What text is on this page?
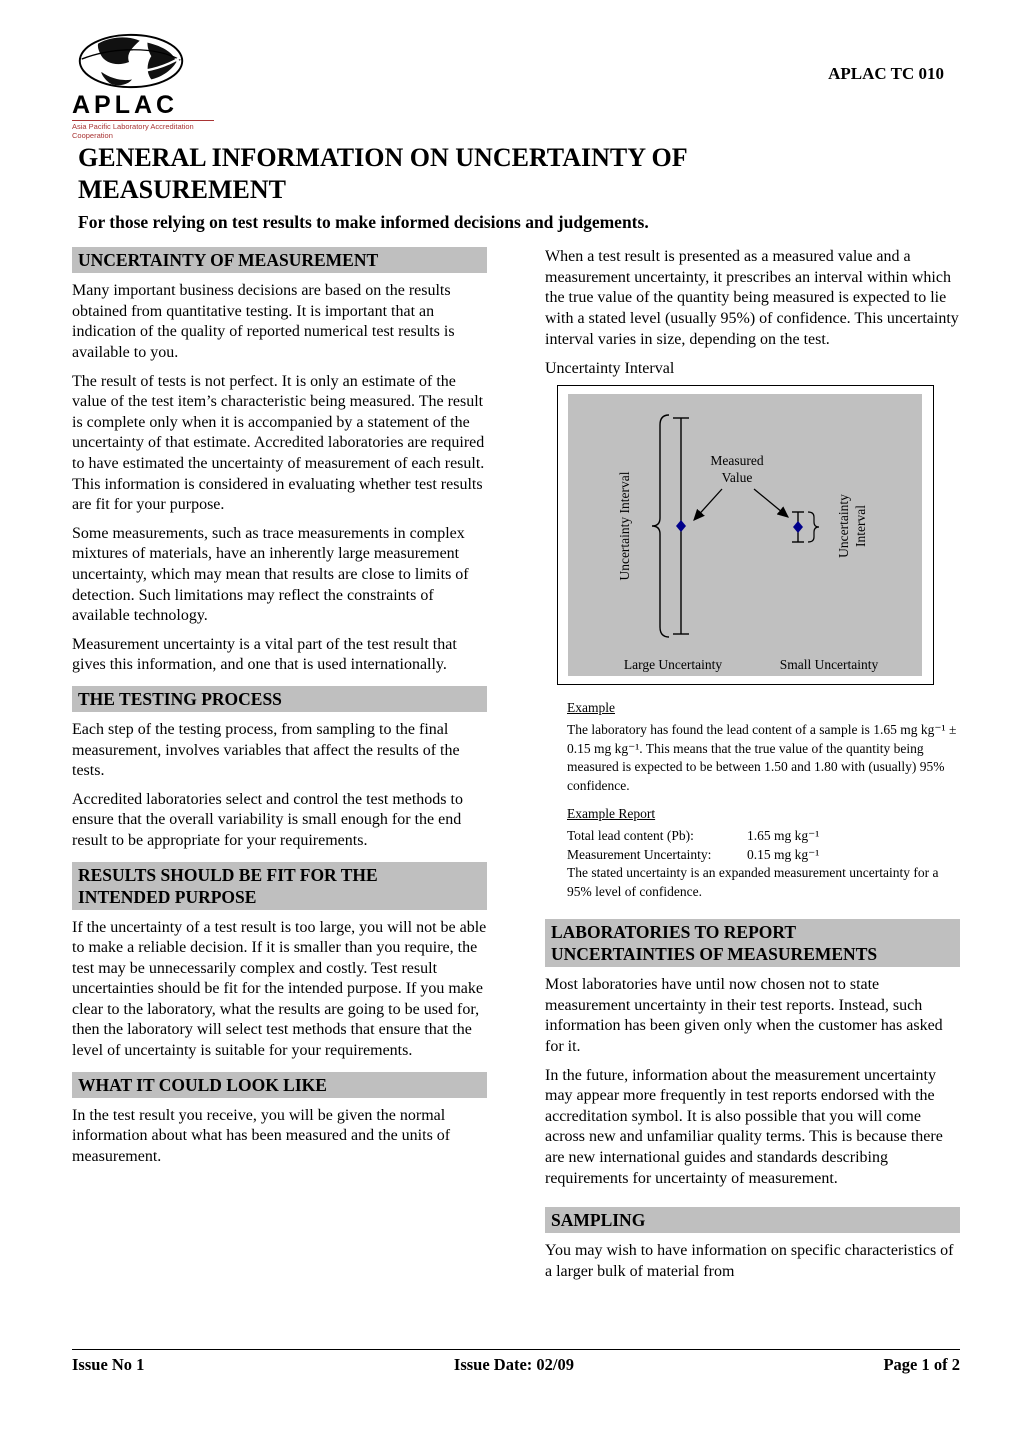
APLAC
Asia Pacific Laboratory Accreditation Cooperation
APLAC TC 010
GENERAL INFORMATION ON UNCERTAINTY OF MEASUREMENT
For those relying on test results to make informed decisions and judgements.
UNCERTAINTY OF MEASUREMENT

Many important business decisions are based on the results obtained from quantitative testing. It is important that an indication of the quality of reported numerical test results is available to you.

The result of tests is not perfect. It is only an estimate of the value of the test item’s characteristic being measured. The result is complete only when it is accompanied by a statement of the uncertainty of that estimate. Accredited laboratories are required to have estimated the uncertainty of measurement of each result. This information is considered in evaluating whether test results are fit for your purpose.

Some measurements, such as trace measurements in complex mixtures of materials, have an inherently large measurement uncertainty, which may mean that results are close to limits of detection. Such limitations may reflect the constraints of available technology.

Measurement uncertainty is a vital part of the test result that gives this information, and one that is used internationally.

THE TESTING PROCESS

Each step of the testing process, from sampling to the final measurement, involves variables that affect the results of the tests.

Accredited laboratories select and control the test methods to ensure that the overall variability is small enough for the end result to be appropriate for your requirements.

RESULTS SHOULD BE FIT FOR THE INTENDED PURPOSE

If the uncertainty of a test result is too large, you will not be able to make a reliable decision. If it is smaller than you require, the test may be unnecessarily complex and costly. Test result uncertainties should be fit for the intended purpose. If you make clear to the laboratory, what the results are going to be used for, then the laboratory will select test methods that ensure that the level of uncertainty is suitable for your requirements.

WHAT IT COULD LOOK LIKE

In the test result you receive, you will be given the normal information about what has been measured and the units of measurement.

When a test result is presented as a measured value and a measurement uncertainty, it prescribes an interval within which the true value of the quantity being measured is expected to lie with a stated level (usually 95%) of confidence. This uncertainty interval varies in size, depending on the test.

Uncertainty Interval

Measured
Value
Uncertainty Interval	Uncertainty Interval
Large Uncertainty	Small Uncertainty
Example

The laboratory has found the lead content of a sample is 1.65 mg kg⁻¹ ± 0.15 mg kg⁻¹. This means that the true value of the quantity being measured is expected to be between 1.50 and 1.80 with (usually) 95% confidence.

Example Report
Total lead content (Pb):	1.65 mg kg⁻¹
Measurement Uncertainty:	0.15 mg kg⁻¹

The stated uncertainty is an expanded measurement uncertainty for a 95% level of confidence.

LABORATORIES TO REPORT UNCERTAINTIES OF MEASUREMENTS

Most laboratories have until now chosen not to state measurement uncertainty in their test reports. Instead, such information has been given only when the customer has asked for it.

In the future, information about the measurement uncertainty may appear more frequently in test reports endorsed with the accreditation symbol. It is also possible that you will come across new and unfamiliar quality terms. This is because there are new international guides and standards describing requirements for uncertainty of measurement.

SAMPLING

You may wish to have information on specific characteristics of a larger bulk of material from

Issue No 1	Issue Date: 02/09	Page 1 of 2
